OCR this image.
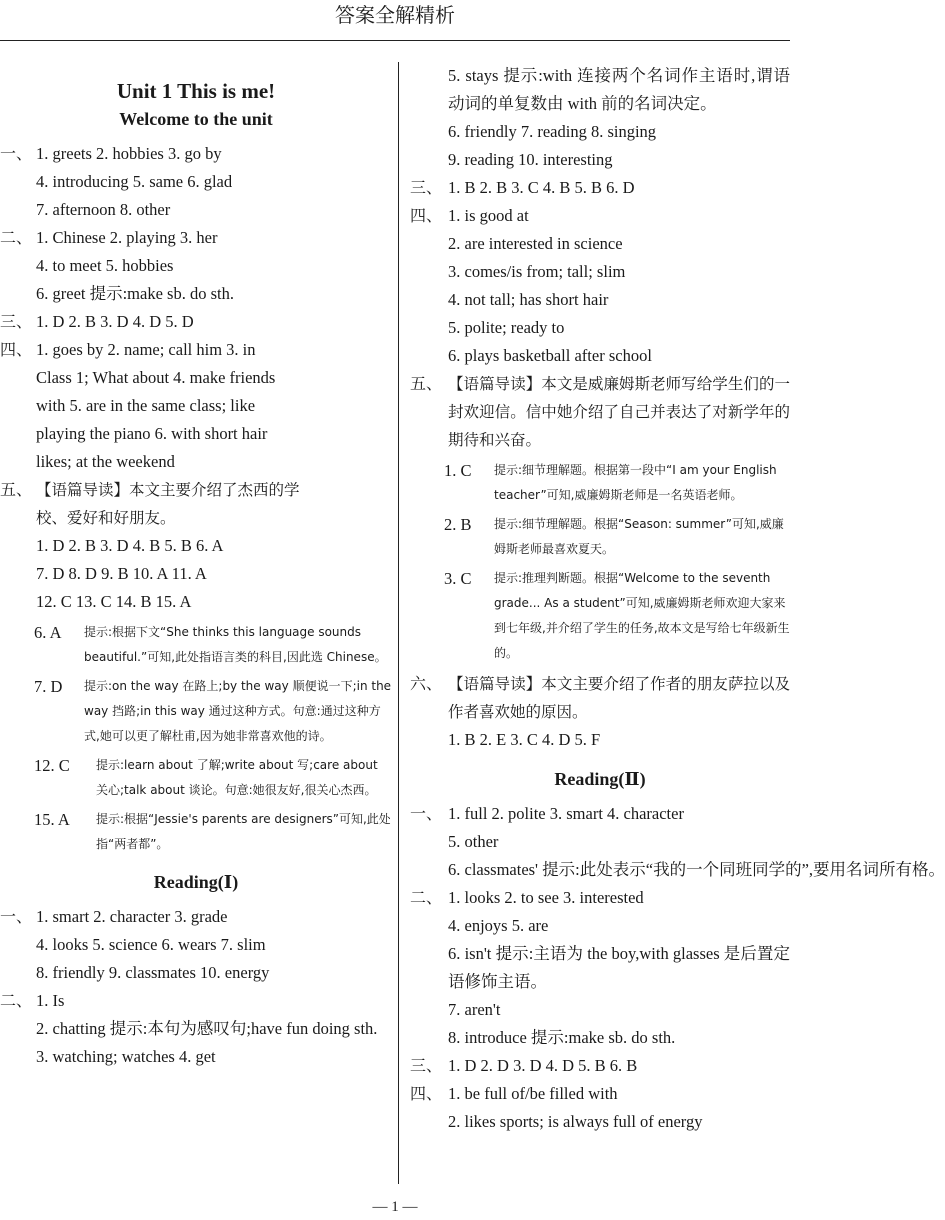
答案全解精析
Unit 1 This is me!
Welcome to the unit
一、 1. greets 2. hobbies 3. go by
4. introducing 5. same 6. glad
7. afternoon 8. other
二、 1. Chinese 2. playing 3. her
4. to meet 5. hobbies
6. greet 提示:make sb. do sth.
三、 1. D 2. B 3. D 4. D 5. D
四、 1. goes by 2. name; call him 3. in
Class 1; What about 4. make friends
with 5. are in the same class; like
playing the piano 6. with short hair
likes; at the weekend
五、 【语篇导读】本文主要介绍了杰西的学
校、爱好和好朋友。
1. D 2. B 3. D 4. B 5. B 6. A
7. D 8. D 9. B 10. A 11. A
12. C 13. C 14. B 15. A
6. A	提示:根据下文“She thinks this language sounds beautiful.”可知,此处指语言类的科目,因此选 Chinese。
7. D	提示:on the way 在路上;by the way 顺便说一下;in the way 挡路;in this way 通过这种方式。句意:通过这种方式,她可以更了解杜甫,因为她非常喜欢他的诗。
12. C	提示:learn about 了解;write about 写;care about 关心;talk about 谈论。句意:她很友好,很关心杰西。
15. A	提示:根据“Jessie's parents are designers”可知,此处指“两者都”。
Reading(Ⅰ)
一、 1. smart 2. character 3. grade
4. looks 5. science 6. wears 7. slim
8. friendly 9. classmates 10. energy
二、 1. Is
2. chatting 提示:本句为感叹句;have fun doing sth.
3. watching; watches 4. get
5. stays 提示:with 连接两个名词作主语时,谓语动词的单复数由 with 前的名词决定。
6. friendly 7. reading 8. singing
9. reading 10. interesting
三、 1. B 2. B 3. C 4. B 5. B 6. D
四、 1. is good at
2. are interested in science
3. comes/is from; tall; slim
4. not tall; has short hair
5. polite; ready to
6. plays basketball after school
五、 【语篇导读】本文是威廉姆斯老师写给学生们的一封欢迎信。信中她介绍了自己并表达了对新学年的期待和兴奋。
1. C	提示:细节理解题。根据第一段中“I am your English teacher”可知,威廉姆斯老师是一名英语老师。
2. B	提示:细节理解题。根据“Season: summer”可知,威廉姆斯老师最喜欢夏天。
3. C	提示:推理判断题。根据“Welcome to the seventh grade... As a student”可知,威廉姆斯老师欢迎大家来到七年级,并介绍了学生的任务,故本文是写给七年级新生的。
六、 【语篇导读】本文主要介绍了作者的朋友萨拉以及作者喜欢她的原因。
1. B 2. E 3. C 4. D 5. F
Reading(Ⅱ)
一、 1. full 2. polite 3. smart 4. character
5. other
6. classmates' 提示:此处表示“我的一个同班同学的”,要用名词所有格。
二、 1. looks 2. to see 3. interested
4. enjoys 5. are
6. isn't 提示:主语为 the boy,with glasses 是后置定语修饰主语。
7. aren't
8. introduce 提示:make sb. do sth.
三、 1. D 2. D 3. D 4. D 5. B 6. B
四、 1. be full of/be filled with
2. likes sports; is always full of energy
— 1 —
